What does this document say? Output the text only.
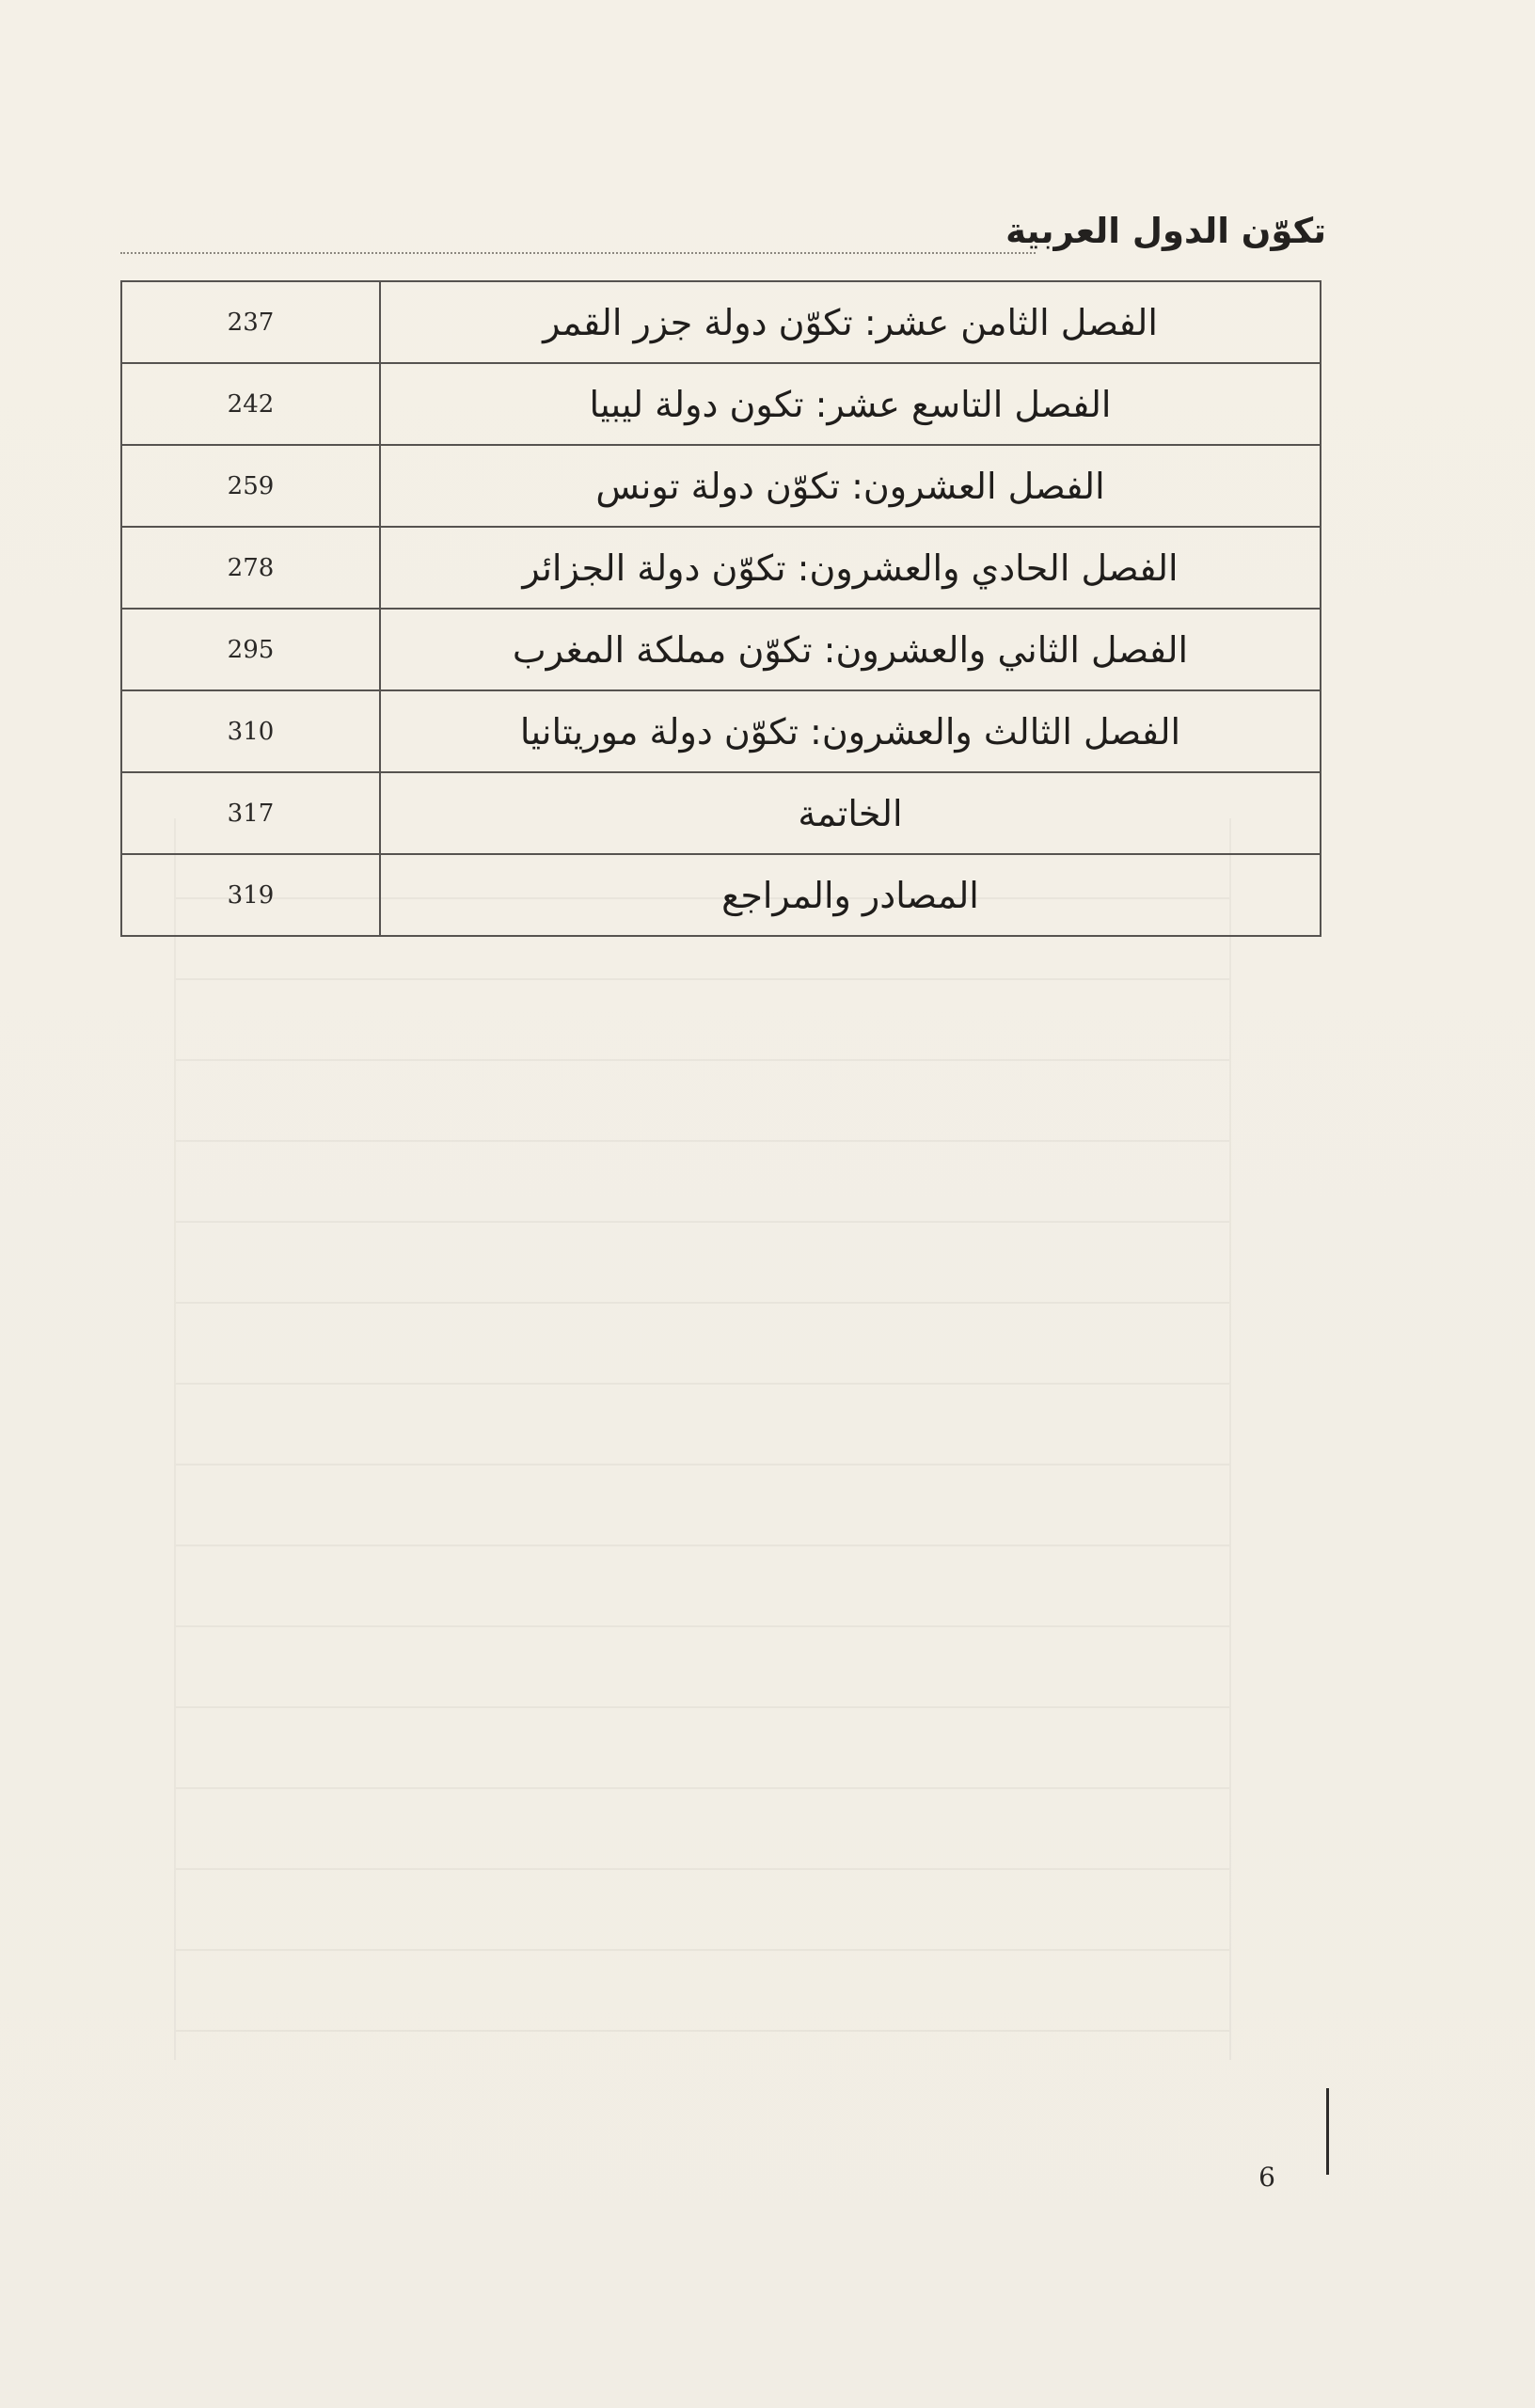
تكوّن الدول العربية
237	الفصل الثامن عشر: تكوّن دولة جزر القمر
242	الفصل التاسع عشر: تكون دولة ليبيا
259	الفصل العشرون: تكوّن دولة تونس
278	الفصل الحادي والعشرون: تكوّن دولة الجزائر
295	الفصل الثاني والعشرون: تكوّن مملكة المغرب
310	الفصل الثالث والعشرون: تكوّن دولة موريتانيا
317	الخاتمة
319	المصادر والمراجع
6
